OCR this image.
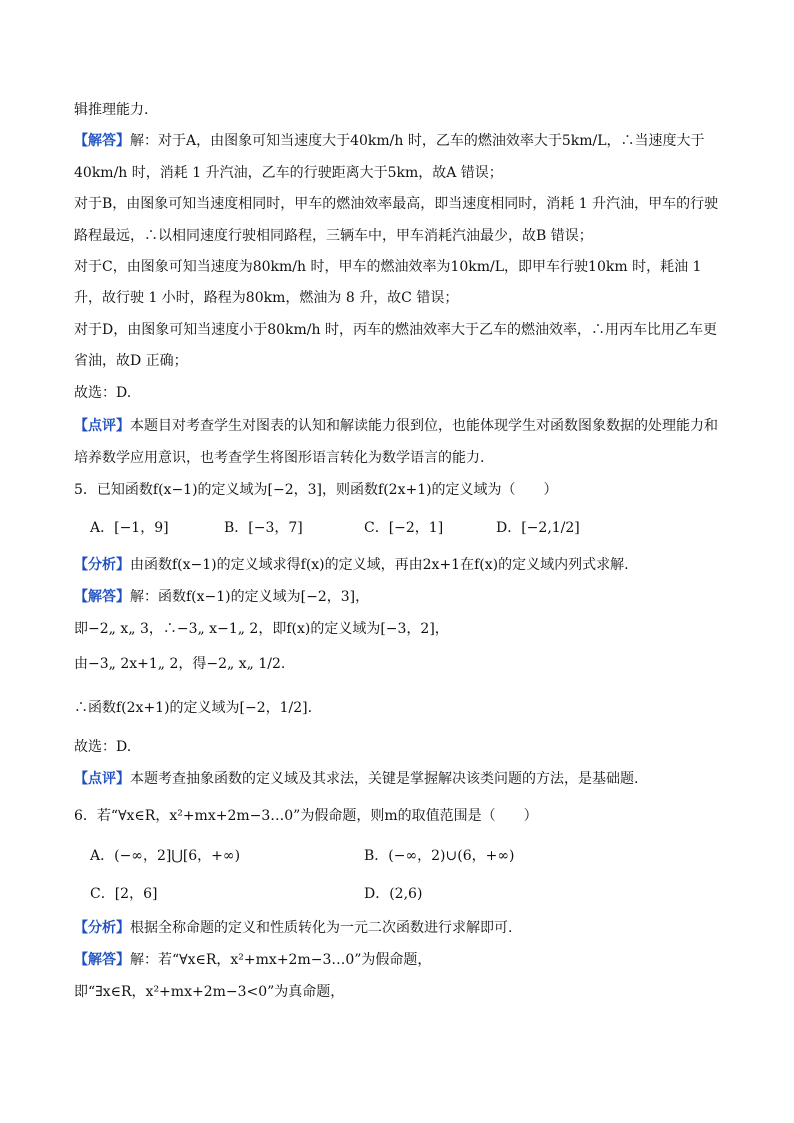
辑推理能力.
【解答】解：对于A，由图象可知当速度大于40km/h 时，乙车的燃油效率大于5km/L，∴当速度大于
40km/h 时，消耗 1 升汽油，乙车的行驶距离大于5km，故A 错误；
对于B，由图象可知当速度相同时，甲车的燃油效率最高，即当速度相同时，消耗 1 升汽油，甲车的行驶
路程最远，∴以相同速度行驶相同路程，三辆车中，甲车消耗汽油最少，故B 错误；
对于C，由图象可知当速度为80km/h 时，甲车的燃油效率为10km/L，即甲车行驶10km 时，耗油 1
升，故行驶 1 小时，路程为80km，燃油为 8 升，故C 错误；
对于D，由图象可知当速度小于80km/h 时，丙车的燃油效率大于乙车的燃油效率，∴用丙车比用乙车更
省油，故D 正确；
故选：D.
【点评】本题目对考查学生对图表的认知和解读能力很到位，也能体现学生对函数图象数据的处理能力和
培养数学应用意识，也考查学生将图形语言转化为数学语言的能力.
5．已知函数f(x−1)的定义域为[−2，3]，则函数f(2x+1)的定义域为（　　）
A．[−1，9]	B．[−3，7]	C．[−2，1]	D．[−2,1/2]
【分析】由函数f(x−1)的定义域求得f(x)的定义域，再由2x+1在f(x)的定义域内列式求解.
【解答】解：函数f(x−1)的定义域为[−2，3]，
即−2„ x„ 3，∴−3„ x−1„ 2，即f(x)的定义域为[−3，2]，
由−3„ 2x+1„ 2，得−2„ x„ 1/2.
∴函数f(2x+1)的定义域为[−2，1/2].
故选：D.
【点评】本题考查抽象函数的定义域及其求法，关键是掌握解决该类问题的方法，是基础题.
6．若“∀x∈R，x²+mx+2m−3…0”为假命题，则m的取值范围是（　　）
A．(−∞，2]⋃[6，+∞)	B．(−∞，2)∪(6，+∞)
C．[2，6]	D．(2,6)
【分析】根据全称命题的定义和性质转化为一元二次函数进行求解即可.
【解答】解：若“∀x∈R，x²+mx+2m−3…0”为假命题，
即“∃x∈R，x²+mx+2m−3<0”为真命题，
